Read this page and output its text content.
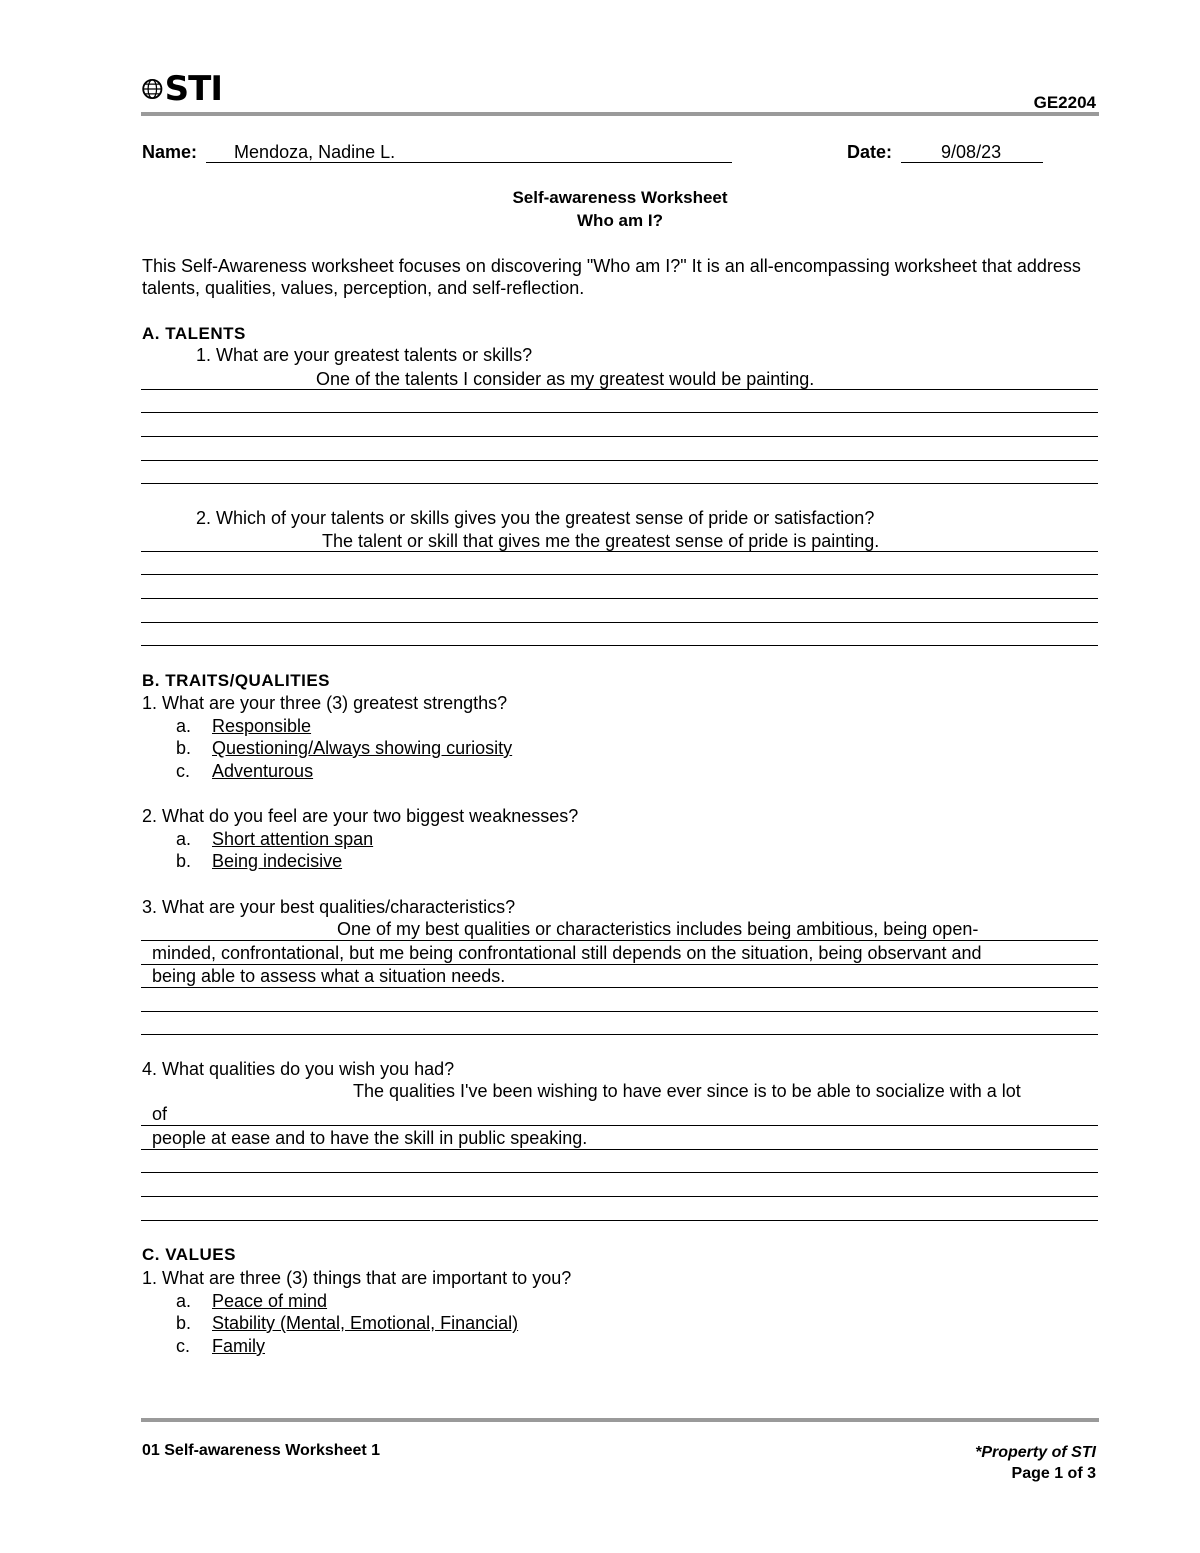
STI	GE2204
Name: Mendoza, Nadine L.	Date:	9/08/23
Self-awareness Worksheet
Who am I?
This Self-Awareness worksheet focuses on discovering "Who am I?" It is an all-encompassing worksheet that address talents, qualities, values, perception, and self-reflection.
A. TALENTS
1. What are your greatest talents or skills?
One of the talents I consider as my greatest would be painting.
2. Which of your talents or skills gives you the greatest sense of pride or satisfaction?
The talent or skill that gives me the greatest sense of pride is painting.
B. TRAITS/QUALITIES
1. What are your three (3) greatest strengths?
a. Responsible
b. Questioning/Always showing curiosity
c. Adventurous
2. What do you feel are your two biggest weaknesses?
a. Short attention span
b. Being indecisive
3. What are your best qualities/characteristics?
One of my best qualities or characteristics includes being ambitious, being open-
minded, confrontational, but me being confrontational still depends on the situation, being observant and
being able to assess what a situation needs.
4. What qualities do you wish you had?
The qualities I've been wishing to have ever since is to be able to socialize with a lot
of
people at ease and to have the skill in public speaking.
C. VALUES
1. What are three (3) things that are important to you?
a. Peace of mind
b. Stability (Mental, Emotional, Financial)
c. Family
01 Self-awareness Worksheet 1	*Property of STI
Page 1 of 3
